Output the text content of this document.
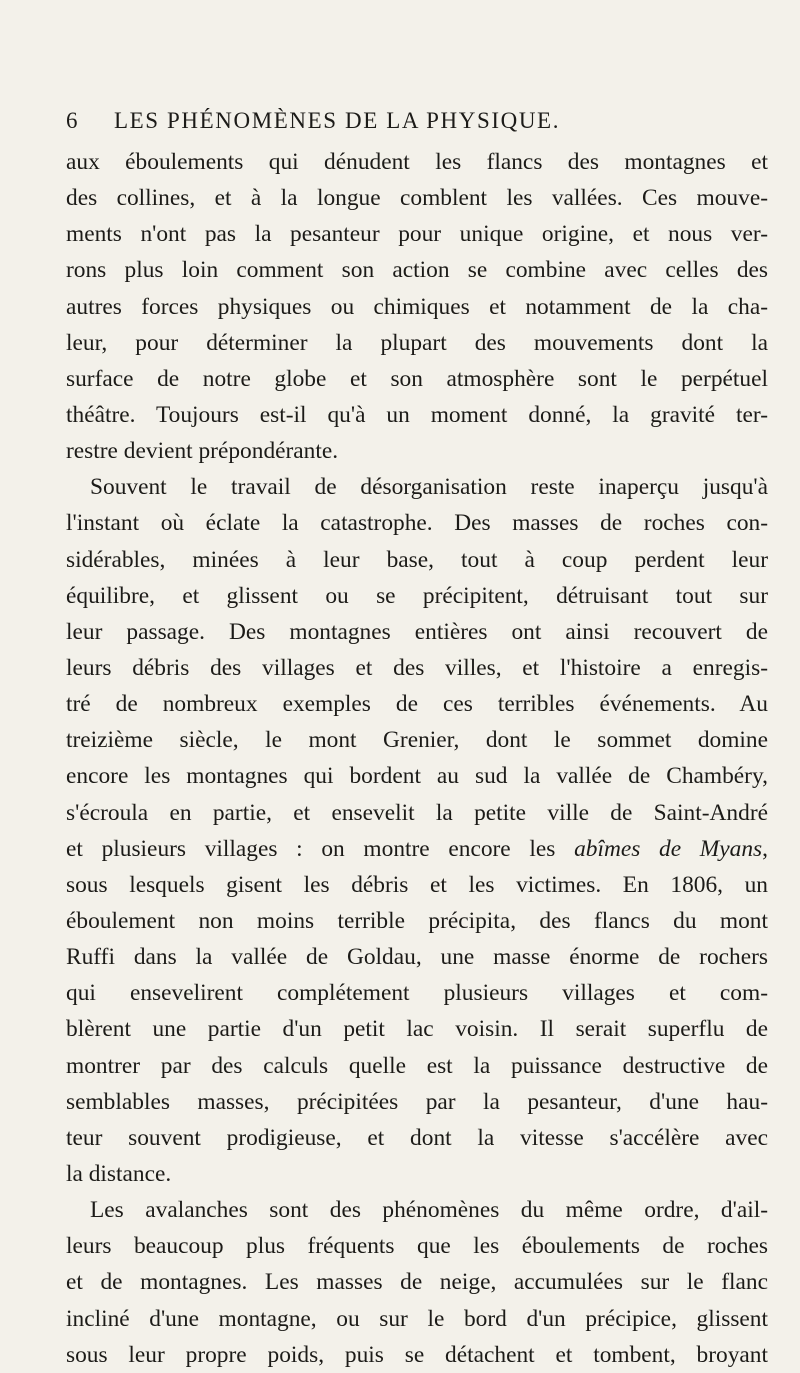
6 LES PHÉNOMÈNES DE LA PHYSIQUE.
aux éboulements qui dénudent les flancs des montagnes et
des collines, et à la longue comblent les vallées. Ces mouve-
ments n'ont pas la pesanteur pour unique origine, et nous ver-
rons plus loin comment son action se combine avec celles des
autres forces physiques ou chimiques et notamment de la cha-
leur, pour déterminer la plupart des mouvements dont la
surface de notre globe et son atmosphère sont le perpétuel
théâtre. Toujours est-il qu'à un moment donné, la gravité ter-
restre devient prépondérante.
Souvent le travail de désorganisation reste inaperçu jusqu'à
l'instant où éclate la catastrophe. Des masses de roches con-
sidérables, minées à leur base, tout à coup perdent leur
équilibre, et glissent ou se précipitent, détruisant tout sur
leur passage. Des montagnes entières ont ainsi recouvert de
leurs débris des villages et des villes, et l'histoire a enregis-
tré de nombreux exemples de ces terribles événements. Au
treizième siècle, le mont Grenier, dont le sommet domine
encore les montagnes qui bordent au sud la vallée de Chambéry,
s'écroula en partie, et ensevelit la petite ville de Saint-André
et plusieurs villages : on montre encore les abîmes de Myans,
sous lesquels gisent les débris et les victimes. En 1806, un
éboulement non moins terrible précipita, des flancs du mont
Ruffi dans la vallée de Goldau, une masse énorme de rochers
qui ensevelirent complétement plusieurs villages et com-
blèrent une partie d'un petit lac voisin. Il serait superflu de
montrer par des calculs quelle est la puissance destructive de
semblables masses, précipitées par la pesanteur, d'une hau-
teur souvent prodigieuse, et dont la vitesse s'accélère avec
la distance.
Les avalanches sont des phénomènes du même ordre, d'ail-
leurs beaucoup plus fréquents que les éboulements de roches
et de montagnes. Les masses de neige, accumulées sur le flanc
incliné d'une montagne, ou sur le bord d'un précipice, glissent
sous leur propre poids, puis se détachent et tombent, broyant
